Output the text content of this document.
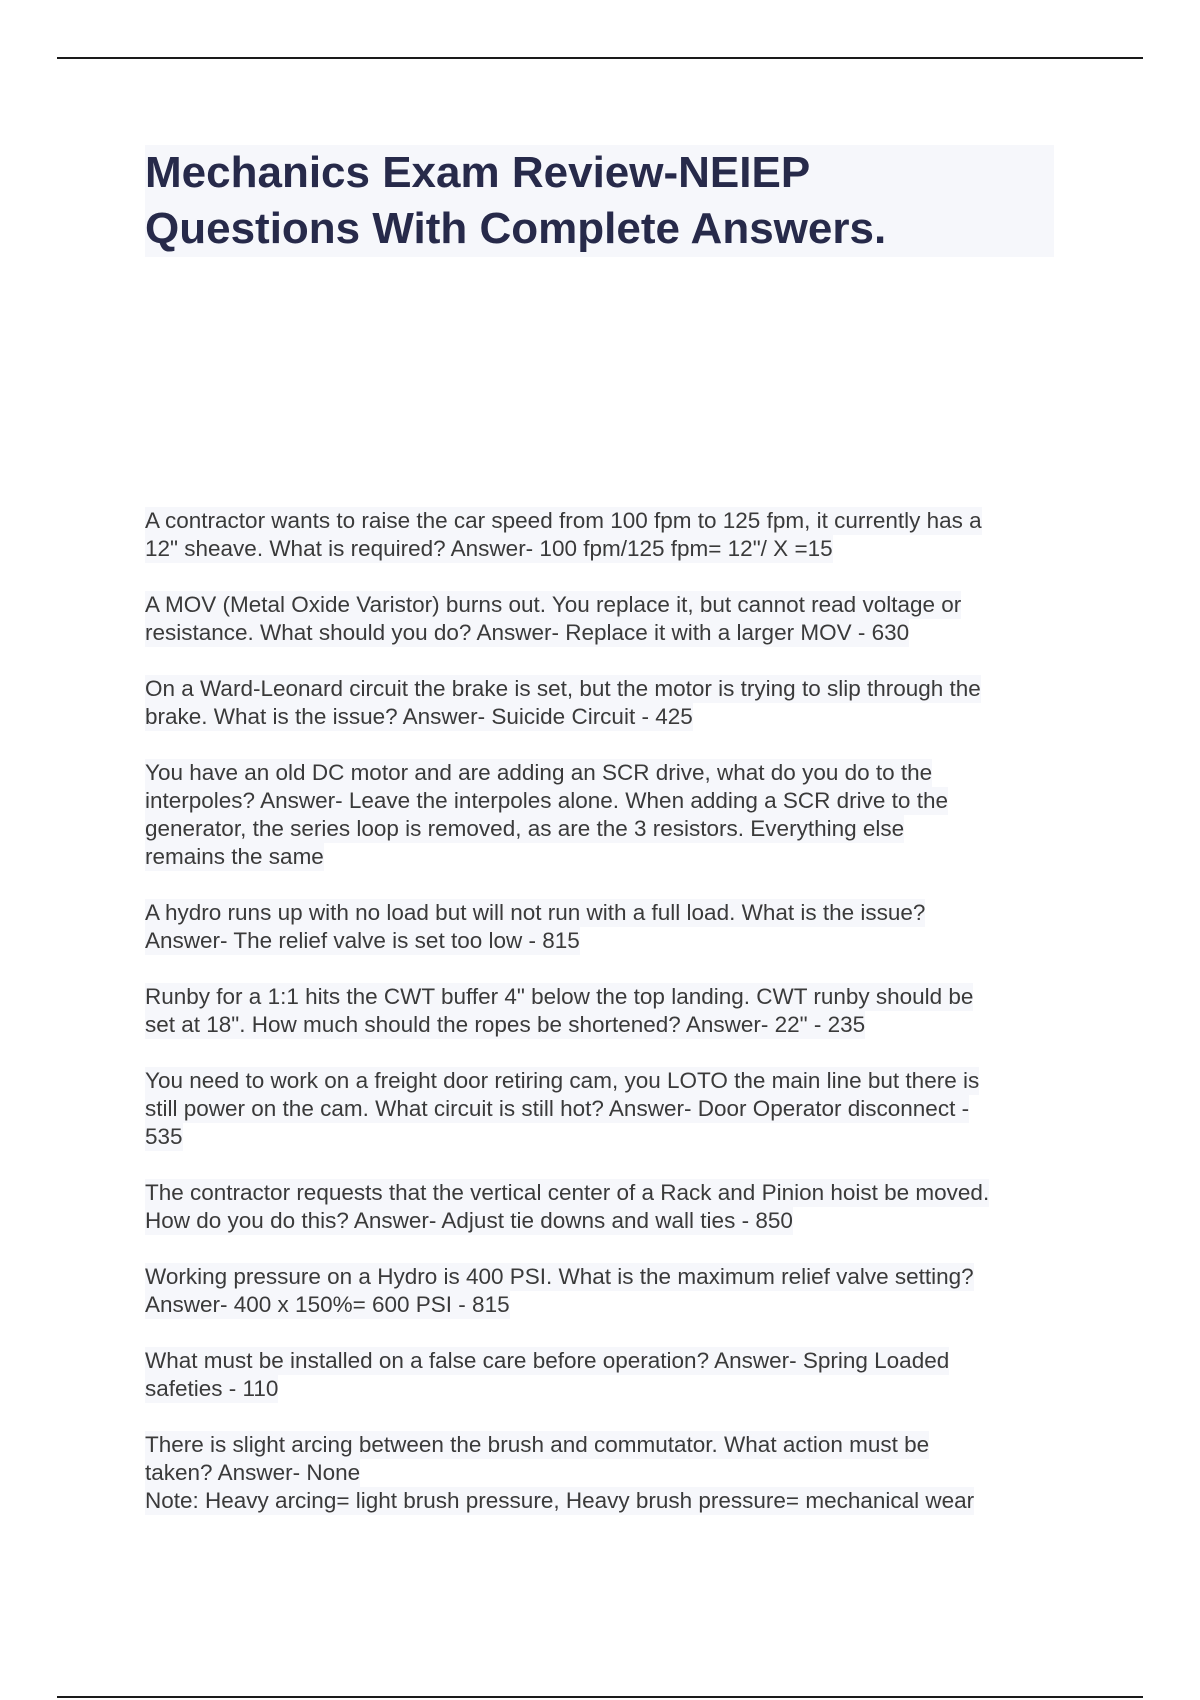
Mechanics Exam Review-NEIEP
Questions With Complete Answers.
A contractor wants to raise the car speed from 100 fpm to 125 fpm, it currently has a
12" sheave. What is required? Answer- 100 fpm/125 fpm= 12"/ X =15
A MOV (Metal Oxide Varistor) burns out. You replace it, but cannot read voltage or
resistance. What should you do? Answer- Replace it with a larger MOV - 630
On a Ward-Leonard circuit the brake is set, but the motor is trying to slip through the
brake. What is the issue? Answer- Suicide Circuit - 425
You have an old DC motor and are adding an SCR drive, what do you do to the
interpoles? Answer- Leave the interpoles alone. When adding a SCR drive to the
generator, the series loop is removed, as are the 3 resistors. Everything else
remains the same
A hydro runs up with no load but will not run with a full load. What is the issue?
Answer- The relief valve is set too low - 815
Runby for a 1:1 hits the CWT buffer 4" below the top landing. CWT runby should be
set at 18". How much should the ropes be shortened? Answer- 22" - 235
You need to work on a freight door retiring cam, you LOTO the main line but there is
still power on the cam. What circuit is still hot? Answer- Door Operator disconnect -
535
The contractor requests that the vertical center of a Rack and Pinion hoist be moved.
How do you do this? Answer- Adjust tie downs and wall ties - 850
Working pressure on a Hydro is 400 PSI. What is the maximum relief valve setting?
Answer- 400 x 150%= 600 PSI - 815
What must be installed on a false care before operation? Answer- Spring Loaded
safeties - 110
There is slight arcing between the brush and commutator. What action must be
taken? Answer- None
Note: Heavy arcing= light brush pressure, Heavy brush pressure= mechanical wear
